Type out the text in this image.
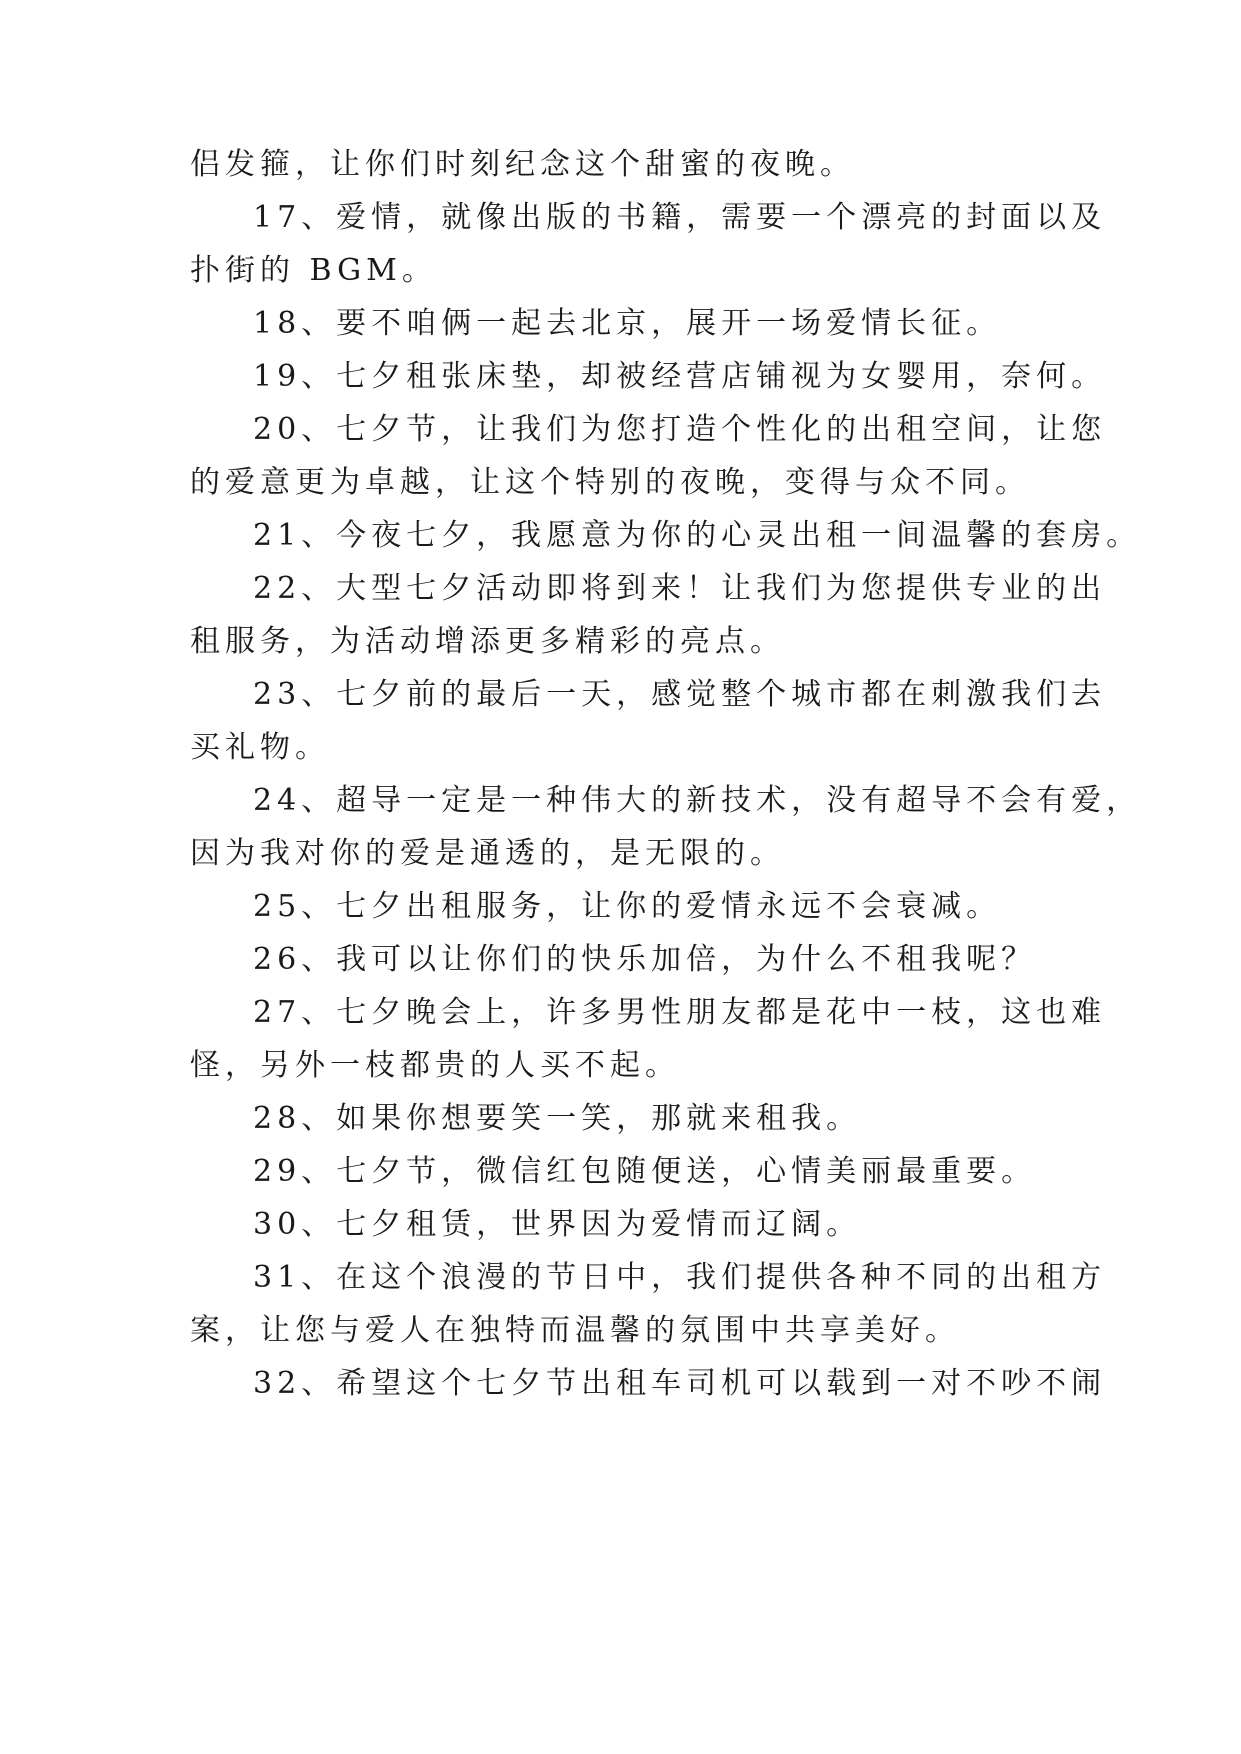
侣发箍，让你们时刻纪念这个甜蜜的夜晚。
17、爱情，就像出版的书籍，需要一个漂亮的封面以及
扑街的 BGM。
18、要不咱俩一起去北京，展开一场爱情长征。
19、七夕租张床垫，却被经营店铺视为女婴用，奈何。
20、七夕节，让我们为您打造个性化的出租空间，让您
的爱意更为卓越，让这个特别的夜晚，变得与众不同。
21、今夜七夕，我愿意为你的心灵出租一间温馨的套房。
22、大型七夕活动即将到来！让我们为您提供专业的出
租服务，为活动增添更多精彩的亮点。
23、七夕前的最后一天，感觉整个城市都在刺激我们去
买礼物。
24、超导一定是一种伟大的新技术，没有超导不会有爱，
因为我对你的爱是通透的，是无限的。
25、七夕出租服务，让你的爱情永远不会衰减。
26、我可以让你们的快乐加倍，为什么不租我呢？
27、七夕晚会上，许多男性朋友都是花中一枝，这也难
怪，另外一枝都贵的人买不起。
28、如果你想要笑一笑，那就来租我。
29、七夕节，微信红包随便送，心情美丽最重要。
30、七夕租赁，世界因为爱情而辽阔。
31、在这个浪漫的节日中，我们提供各种不同的出租方
案，让您与爱人在独特而温馨的氛围中共享美好。
32、希望这个七夕节出租车司机可以载到一对不吵不闹
